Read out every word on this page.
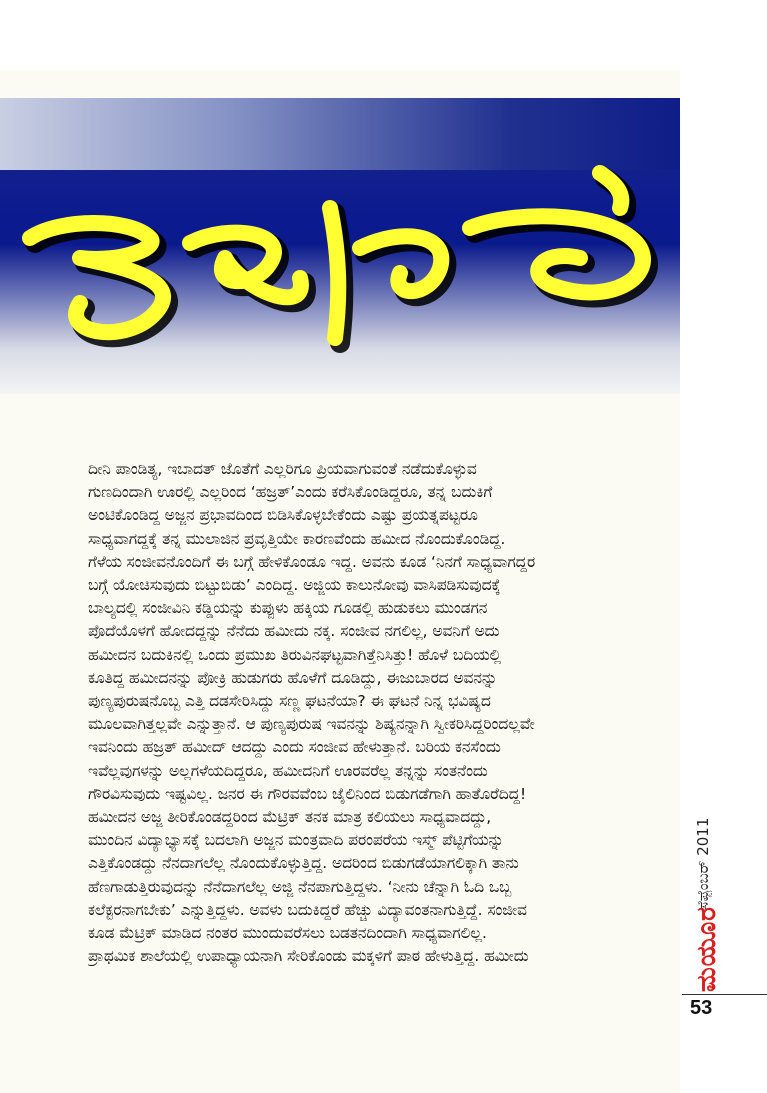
ದೀನಿ ಪಾಂಡಿತ್ಯ, ಇಬಾದತ್ ಜೊತೆಗೆ ಎಲ್ಲರಿಗೂ ಪ್ರಿಯವಾಗುವಂತೆ ನಡೆದುಕೊಳ್ಳುವ
ಗುಣದಿಂದಾಗಿ ಊರಲ್ಲಿ ಎಲ್ಲರಿಂದ ‘ಹಜ್ರತ್’ಎಂದು ಕರೆಸಿಕೊಂಡಿದ್ದರೂ, ತನ್ನ ಬದುಕಿಗೆ
ಅಂಟಿಕೊಂಡಿದ್ದ ಅಜ್ಜನ ಪ್ರಭಾವದಿಂದ ಬಿಡಿಸಿಕೊಳ್ಳಬೇಕೆಂದು ಎಷ್ಟು ಪ್ರಯತ್ನಪಟ್ಟರೂ
ಸಾಧ್ಯವಾಗದ್ದಕ್ಕೆ ತನ್ನ ಮುಲಾಜಿನ ಪ್ರವೃತ್ತಿಯೇ ಕಾರಣವೆಂದು ಹಮೀದ ನೊಂದುಕೊಂಡಿದ್ದ.
ಗೆಳೆಯ ಸಂಜೀವನೊಂದಿಗೆ ಈ ಬಗ್ಗೆ ಹೇಳಿಕೊಂಡೂ ಇದ್ದ. ಅವನು ಕೂಡ ‘ನಿನಗೆ ಸಾಧ್ಯವಾಗದ್ದರ
ಬಗ್ಗೆ ಯೋಚಿಸುವುದು ಬಿಟ್ಟುಬಿಡು’ ಎಂದಿದ್ದ. ಅಜ್ಜಿಯ ಕಾಲುನೋವು ವಾಸಿಪಡಿಸುವುದಕ್ಕೆ
ಬಾಲ್ಯದಲ್ಲಿ ಸಂಜೀವಿನಿ ಕಡ್ಡಿಯನ್ನು ಕುಪ್ಪುಳು ಹಕ್ಕಿಯ ಗೂಡಲ್ಲಿ ಹುಡುಕಲು ಮುಂಡಗನ
ಪೊದೆಯೊಳಗೆ ಹೋದದ್ದನ್ನು ನೆನೆದು ಹಮೀದು ನಕ್ಕ. ಸಂಜೀವ ನಗಲಿಲ್ಲ, ಅವನಿಗೆ ಅದು
ಹಮೀದನ ಬದುಕಿನಲ್ಲಿ ಒಂದು ಪ್ರಮುಖ ತಿರುವಿನಘಟ್ಟವಾಗಿತ್ತೆನಿಸಿತ್ತು! ಹೊಳೆ ಬದಿಯಲ್ಲಿ
ಕೂತಿದ್ದ ಹಮೀದನನ್ನು ಪೋಕ್ರಿ ಹುಡುಗರು ಹೊಳೆಗೆ ದೂಡಿದ್ದು, ಈಜುಬಾರದ ಅವನನ್ನು
ಪುಣ್ಯಪುರುಷನೊಬ್ಬ ಎತ್ತಿ ದಡಸೇರಿಸಿದ್ದು ಸಣ್ಣ ಘಟನೆಯಾ? ಈ ಘಟನೆ ನಿನ್ನ ಭವಿಷ್ಯದ
ಮೂಲವಾಗಿತ್ತಲ್ಲವೇ ಎನ್ನುತ್ತಾನೆ. ಆ ಪುಣ್ಯಪುರುಷ ಇವನನ್ನು ಶಿಷ್ಯನನ್ನಾಗಿ ಸ್ವೀಕರಿಸಿದ್ದರಿಂದಲ್ಲವೇ
ಇವನಿಂದು ಹಜ್ರತ್ ಹಮೀದ್ ಆದದ್ದು ಎಂದು ಸಂಜೀವ ಹೇಳುತ್ತಾನೆ. ಬರಿಯ ಕನಸೆಂದು
ಇವೆಲ್ಲವುಗಳನ್ನು ಅಲ್ಲಗಳೆಯದಿದ್ದರೂ, ಹಮೀದನಿಗೆ ಊರವರೆಲ್ಲ ತನ್ನನ್ನು ಸಂತನೆಂದು
ಗೌರವಿಸುವುದು ಇಷ್ಟವಿಲ್ಲ. ಜನರ ಈ ಗೌರವವೆಂಬ ಜೈಲಿನಿಂದ ಬಿಡುಗಡೆಗಾಗಿ ಹಾತೊರೆದಿದ್ದ!
ಹಮೀದನ ಅಜ್ಜ ತೀರಿಕೊಂಡದ್ದರಿಂದ ಮೆಟ್ರಿಕ್ ತನಕ ಮಾತ್ರ ಕಲಿಯಲು ಸಾಧ್ಯವಾದದ್ದು,
ಮುಂದಿನ ವಿದ್ಯಾಭ್ಯಾಸಕ್ಕೆ ಬದಲಾಗಿ ಅಜ್ಜನ ಮಂತ್ರವಾದಿ ಪರಂಪರೆಯ ಇಸ್ಮ್ ಪೆಟ್ಟಿಗೆಯನ್ನು
ಎತ್ತಿಕೊಂಡದ್ದು ನೆನದಾಗಲೆಲ್ಲ ನೊಂದುಕೊಳ್ಳುತ್ತಿದ್ದ. ಅದರಿಂದ ಬಿಡುಗಡೆಯಾಗಲಿಕ್ಕಾಗಿ ತಾನು
ಹೆಣಗಾಡುತ್ತಿರುವುದನ್ನು ನೆನೆದಾಗಲೆಲ್ಲ ಅಜ್ಜಿ ನೆನಪಾಗುತ್ತಿದ್ದಳು. ‘ನೀನು ಚೆನ್ನಾಗಿ ಓದಿ ಒಬ್ಬ
ಕಲೆಕ್ಟರನಾಗಬೇಕು’ ಎನ್ನುತ್ತಿದ್ದಳು. ಅವಳು ಬದುಕಿದ್ದರೆ ಹೆಚ್ಚು ವಿದ್ಯಾವಂತನಾಗುತ್ತಿದ್ದೆ. ಸಂಜೀವ
ಕೂಡ ಮೆಟ್ರಿಕ್ ಮಾಡಿದ ನಂತರ ಮುಂದುವರೆಸಲು ಬಡತನದಿಂದಾಗಿ ಸಾಧ್ಯವಾಗಲಿಲ್ಲ.
ಪ್ರಾಥಮಿಕ ಶಾಲೆಯಲ್ಲಿ ಉಪಾಧ್ಯಾಯನಾಗಿ ಸೇರಿಕೊಂಡು ಮಕ್ಕಳಿಗೆ ಪಾಠ ಹೇಳುತ್ತಿದ್ದ. ಹಮೀದು
ಸೆಪ್ಟೆಂಬರ್ 2011
ಮಯೂರ
53
